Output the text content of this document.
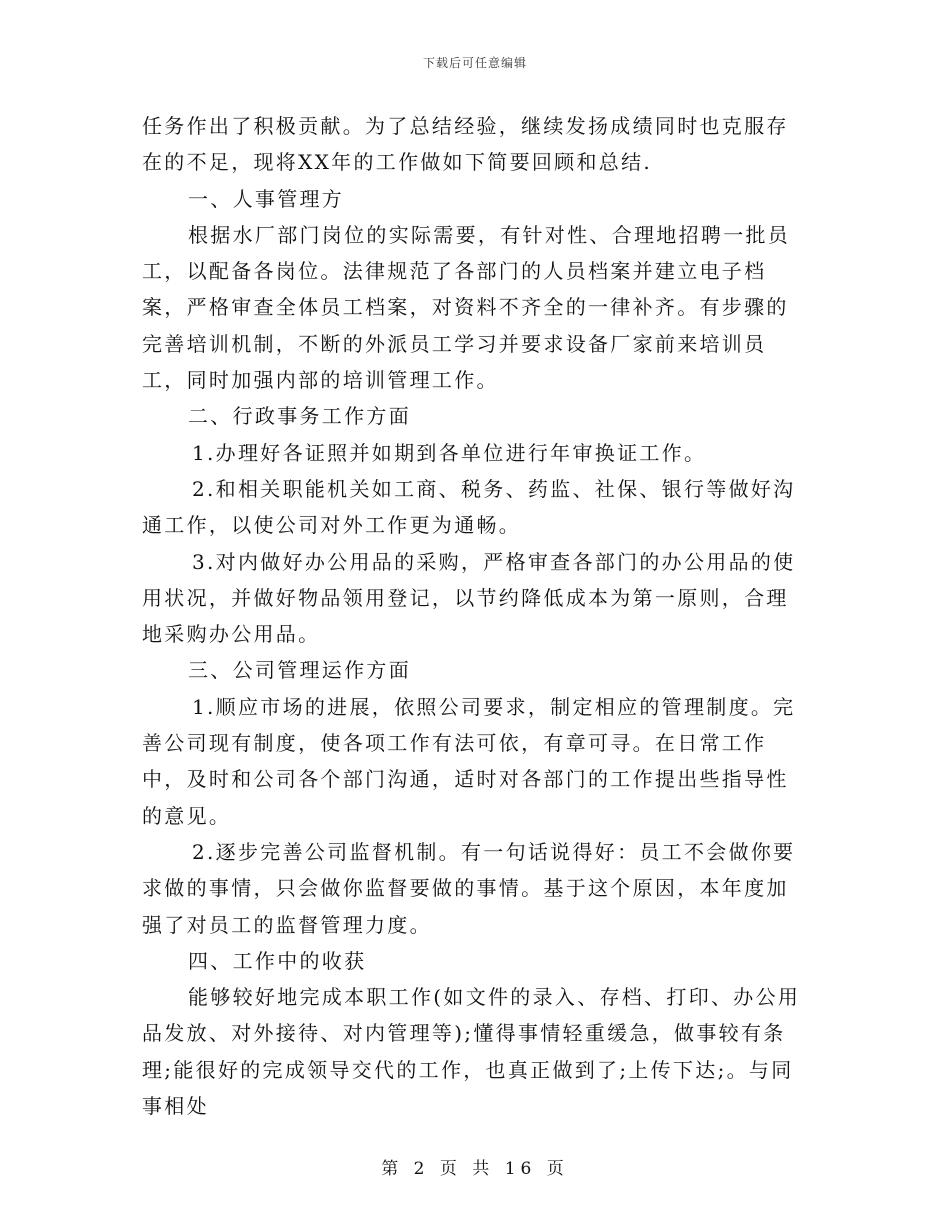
下载后可任意编辑

任务作出了积极贡献。为了总结经验，继续发扬成绩同时也克服存在的不足，现将XX年的工作做如下简要回顾和总结.

一、人事管理方

根据水厂部门岗位的实际需要，有针对性、合理地招聘一批员工，以配备各岗位。法律规范了各部门的人员档案并建立电子档案，严格审查全体员工档案，对资料不齐全的一律补齐。有步骤的完善培训机制，不断的外派员工学习并要求设备厂家前来培训员工，同时加强内部的培训管理工作。

二、行政事务工作方面

1.办理好各证照并如期到各单位进行年审换证工作。

2.和相关职能机关如工商、税务、药监、社保、银行等做好沟通工作，以使公司对外工作更为通畅。

3.对内做好办公用品的采购，严格审查各部门的办公用品的使用状况，并做好物品领用登记，以节约降低成本为第一原则，合理地采购办公用品。

三、公司管理运作方面

1.顺应市场的进展，依照公司要求，制定相应的管理制度。完善公司现有制度，使各项工作有法可依，有章可寻。在日常工作中，及时和公司各个部门沟通，适时对各部门的工作提出些指导性的意见。

2.逐步完善公司监督机制。有一句话说得好：员工不会做你要求做的事情，只会做你监督要做的事情。基于这个原因，本年度加强了对员工的监督管理力度。

四、工作中的收获

能够较好地完成本职工作(如文件的录入、存档、打印、办公用品发放、对外接待、对内管理等);懂得事情轻重缓急，做事较有条理;能很好的完成领导交代的工作，也真正做到了;上传下达;。与同事相处

第 2 页 共 16 页
